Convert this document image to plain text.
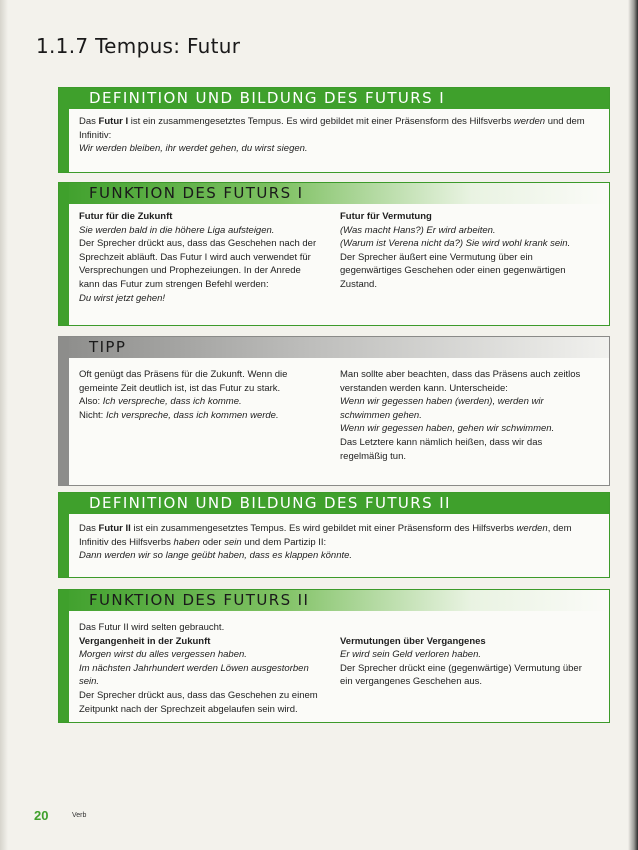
1.1.7 Tempus: Futur
DEFINITION UND BILDUNG DES FUTURS I
Das Futur I ist ein zusammengesetztes Tempus. Es wird gebildet mit einer Präsensform des Hilfsverbs werden und dem Infinitiv:
Wir werden bleiben, ihr werdet gehen, du wirst siegen.
FUNKTION DES FUTURS I
Futur für die Zukunft
Sie werden bald in die höhere Liga aufsteigen.
Der Sprecher drückt aus, dass das Geschehen nach der Sprechzeit abläuft. Das Futur I wird auch verwendet für Versprechungen und Prophezeiungen. In der Anrede kann das Futur zum strengen Befehl werden:
Du wirst jetzt gehen!
Futur für Vermutung
(Was macht Hans?) Er wird arbeiten.
(Warum ist Verena nicht da?) Sie wird wohl krank sein.
Der Sprecher äußert eine Vermutung über ein gegenwärtiges Geschehen oder einen gegenwärtigen Zustand.
TIPP
Oft genügt das Präsens für die Zukunft. Wenn die gemeinte Zeit deutlich ist, ist das Futur zu stark.
Also: Ich verspreche, dass ich komme.
Nicht: Ich verspreche, dass ich kommen werde.
Man sollte aber beachten, dass das Präsens auch zeitlos verstanden werden kann. Unterscheide:
Wenn wir gegessen haben (werden), werden wir schwimmen gehen.
Wenn wir gegessen haben, gehen wir schwimmen.
Das Letztere kann nämlich heißen, dass wir das regelmäßig tun.
DEFINITION UND BILDUNG DES FUTURS II
Das Futur II ist ein zusammengesetztes Tempus. Es wird gebildet mit einer Präsensform des Hilfsverbs werden, dem Infinitiv des Hilfsverbs haben oder sein und dem Partizip II:
Dann werden wir so lange geübt haben, dass es klappen könnte.
FUNKTION DES FUTURS II
Das Futur II wird selten gebraucht.
Vergangenheit in der Zukunft
Morgen wirst du alles vergessen haben.
Im nächsten Jahrhundert werden Löwen ausgestorben sein.
Der Sprecher drückt aus, dass das Geschehen zu einem Zeitpunkt nach der Sprechzeit abgelaufen sein wird.
Vermutungen über Vergangenes
Er wird sein Geld verloren haben.
Der Sprecher drückt eine (gegenwärtige) Vermutung über ein vergangenes Geschehen aus.
20	Verb
